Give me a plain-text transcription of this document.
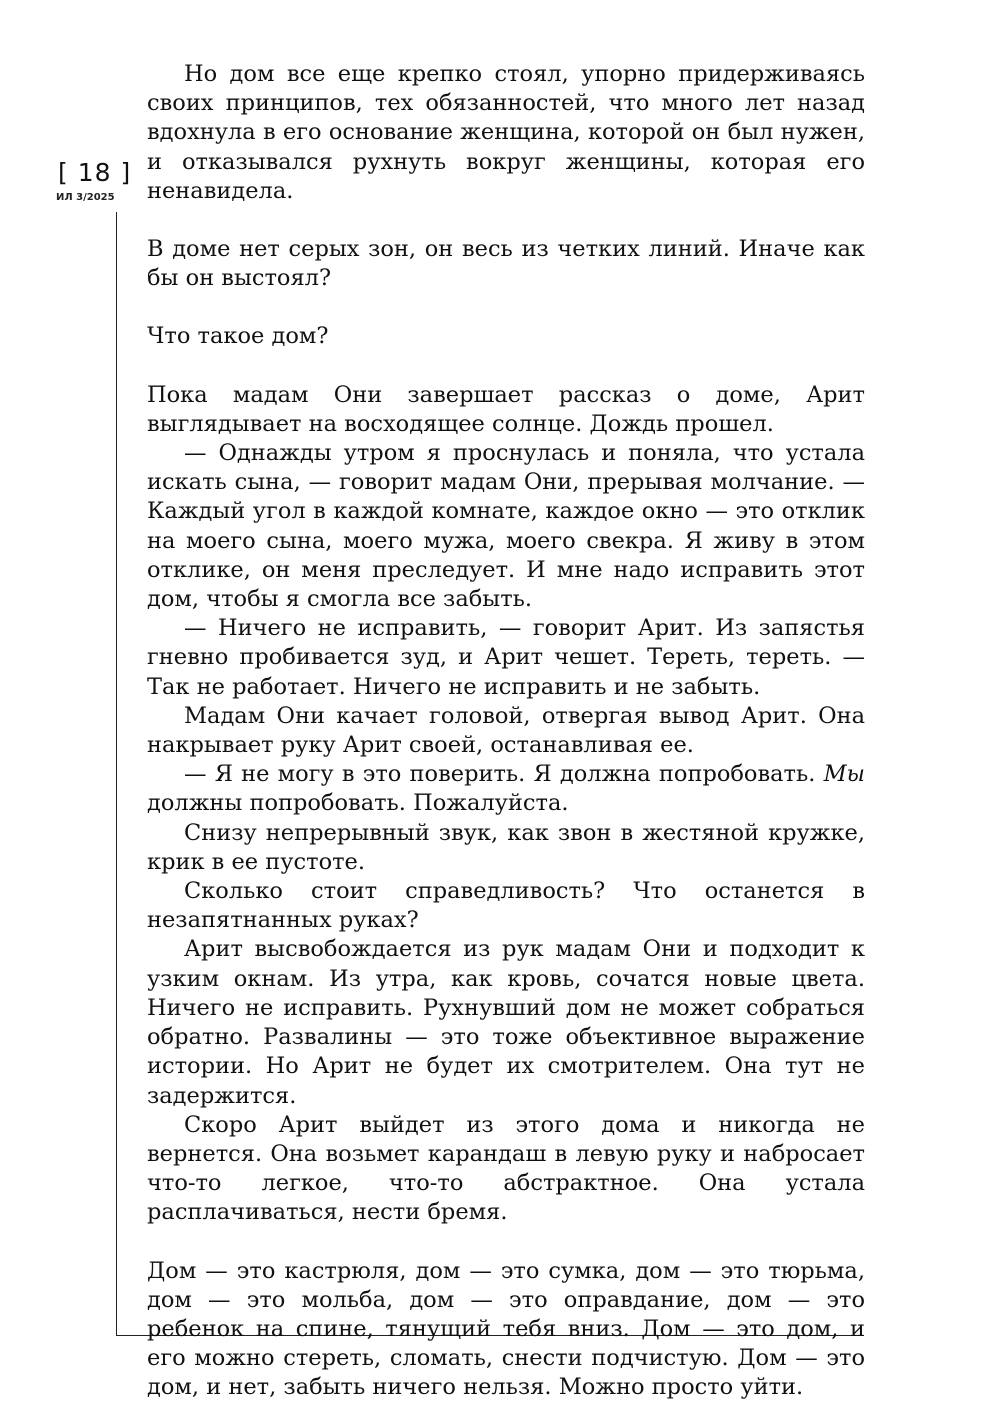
[ 18 ]
ИЛ 3/2025

Но дом все еще крепко стоял, упорно придерживаясь своих принципов, тех обязанностей, что много лет назад вдохнула в его основание женщина, которой он был нужен, и отказывался рухнуть вокруг женщины, которая его ненавидела.

В доме нет серых зон, он весь из четких линий. Иначе как бы он выстоял?

Что такое дом?

Пока мадам Они завершает рассказ о доме, Арит выглядывает на восходящее солнце. Дождь прошел.

— Однажды утром я проснулась и поняла, что устала искать сына, — говорит мадам Они, прерывая молчание. — Каждый угол в каждой комнате, каждое окно — это отклик на моего сына, моего мужа, моего свекра. Я живу в этом отклике, он меня преследует. И мне надо исправить этот дом, чтобы я смогла все забыть.

— Ничего не исправить, — говорит Арит. Из запястья гневно пробивается зуд, и Арит чешет. Тереть, тереть. — Так не работает. Ничего не исправить и не забыть.

Мадам Они качает головой, отвергая вывод Арит. Она накрывает руку Арит своей, останавливая ее.

— Я не могу в это поверить. Я должна попробовать. Мы должны попробовать. Пожалуйста.

Снизу непрерывный звук, как звон в жестяной кружке, крик в ее пустоте.

Сколько стоит справедливость? Что останется в незапятнанных руках?

Арит высвобождается из рук мадам Они и подходит к узким окнам. Из утра, как кровь, сочатся новые цвета. Ничего не исправить. Рухнувший дом не может собраться обратно. Развалины — это тоже объективное выражение истории. Но Арит не будет их смотрителем. Она тут не задержится.

Скоро Арит выйдет из этого дома и никогда не вернется. Она возьмет карандаш в левую руку и набросает что-то легкое, что-то абстрактное. Она устала расплачиваться, нести бремя.

Дом — это кастрюля, дом — это сумка, дом — это тюрьма, дом — это мольба, дом — это оправдание, дом — это ребенок на спине, тянущий тебя вниз. Дом — это дом, и его можно стереть, сломать, снести подчистую. Дом — это дом, и нет, забыть ничего нельзя. Можно просто уйти.
